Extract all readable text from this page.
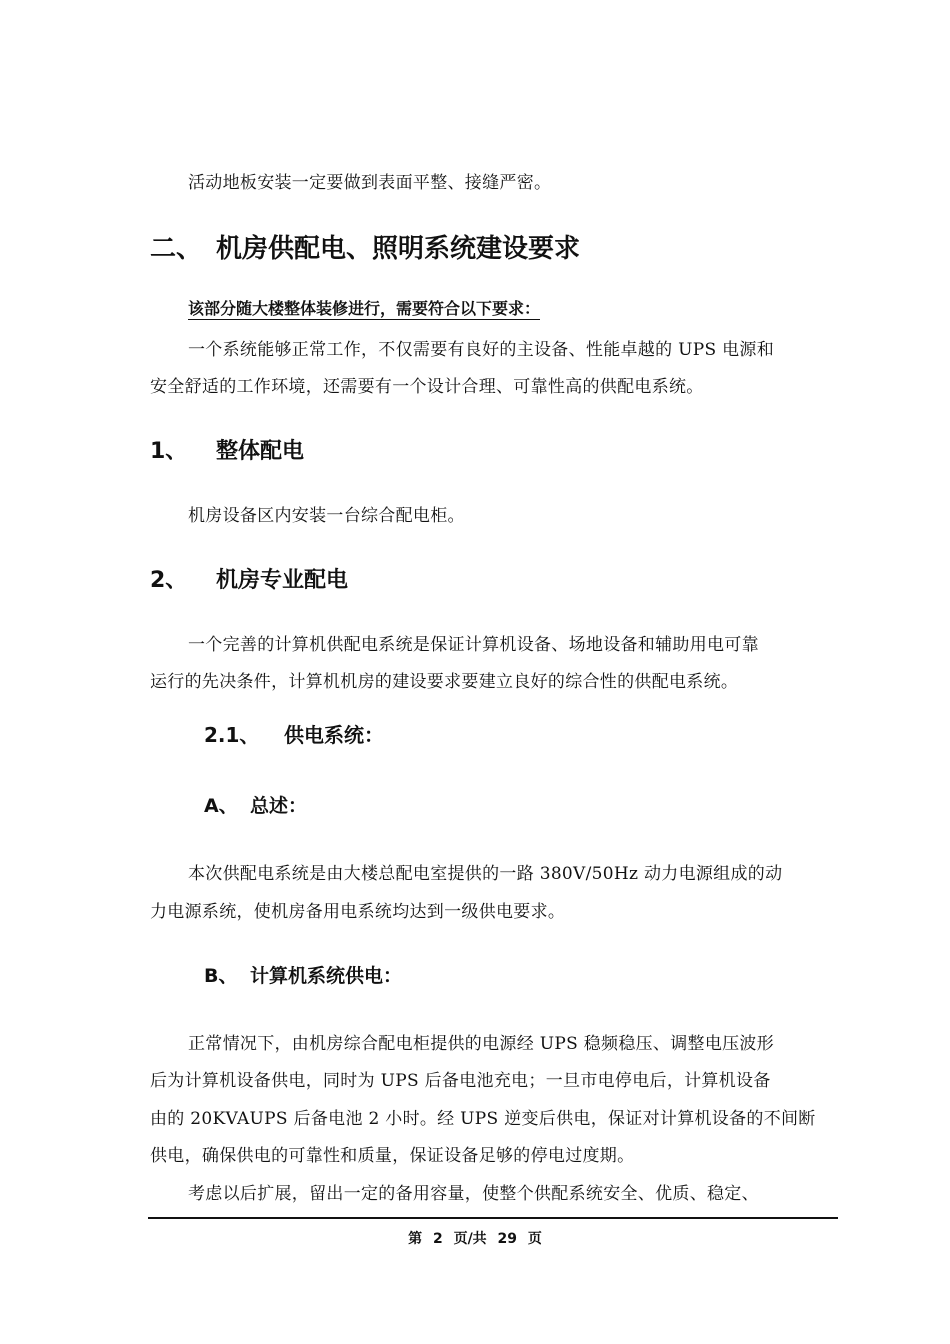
活动地板安装一定要做到表面平整、接缝严密。
二、 机房供配电、照明系统建设要求
该部分随大楼整体装修进行，需要符合以下要求：
一个系统能够正常工作，不仅需要有良好的主设备、性能卓越的 UPS 电源和
安全舒适的工作环境，还需要有一个设计合理、可靠性高的供配电系统。
1、 整体配电
机房设备区内安装一台综合配电柜。
2、 机房专业配电
一个完善的计算机供配电系统是保证计算机设备、场地设备和辅助用电可靠
运行的先决条件，计算机机房的建设要求要建立良好的综合性的供配电系统。
2.1、 供电系统：
A、 总述：
本次供配电系统是由大楼总配电室提供的一路 380V/50Hz 动力电源组成的动
力电源系统，使机房备用电系统均达到一级供电要求。
B、 计算机系统供电：
正常情况下，由机房综合配电柜提供的电源经 UPS 稳频稳压、调整电压波形
后为计算机设备供电，同时为 UPS 后备电池充电；一旦市电停电后，计算机设备
由的 20KVAUPS 后备电池 2 小时。经 UPS 逆变后供电，保证对计算机设备的不间断
供电，确保供电的可靠性和质量，保证设备足够的停电过度期。
考虑以后扩展，留出一定的备用容量，使整个供配系统安全、优质、稳定、
第 2 页/共 29 页
